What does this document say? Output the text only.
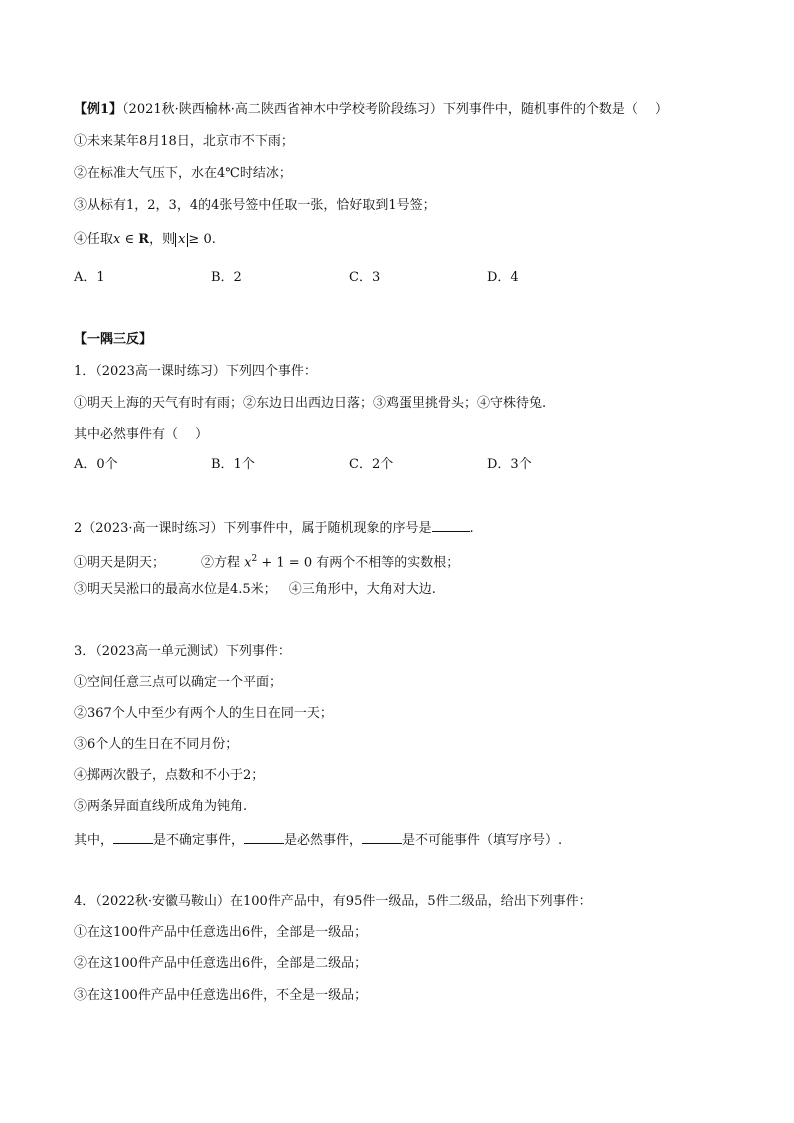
【例1】（2021秋·陕西榆林·高二陕西省神木中学校考阶段练习）下列事件中，随机事件的个数是（　 ）
①未来某年8月18日，北京市不下雨；
②在标准大气压下，水在4℃时结冰；
③从标有1，2，3，4的4张号签中任取一张，恰好取到1号签；
④任取x ∈ R，则 x ≥ 0.
A．1	B．2	C．3	D．4
【一隅三反】
1．（2023高一课时练习）下列四个事件：
①明天上海的天气有时有雨；②东边日出西边日落；③鸡蛋里挑骨头；④守株待兔.
其中必然事件有（　 ）
A．0个	B．1个	C．2个	D．3个
2（2023·高一课时练习）下列事件中，属于随机现象的序号是	.
①明天是阴天；	②方程 $x^2 + 1 = 0$ 有两个不相等的实数根；
③明天吴淞口的最高水位是4.5米； ④三角形中，大角对大边.
3．（2023高一单元测试）下列事件：
①空间任意三点可以确定一个平面；
②367个人中至少有两个人的生日在同一天；
③6个人的生日在不同月份；
④掷两次骰子，点数和不小于2；
⑤两条异面直线所成角为钝角.
其中，	是不确定事件，	是必然事件，	是不可能事件（填写序号）.
4．（2022秋·安徽马鞍山）在100件产品中，有95件一级品，5件二级品，给出下列事件：
①在这100件产品中任意选出6件，全部是一级品；
②在这100件产品中任意选出6件，全部是二级品；
③在这100件产品中任意选出6件，不全是一级品；
